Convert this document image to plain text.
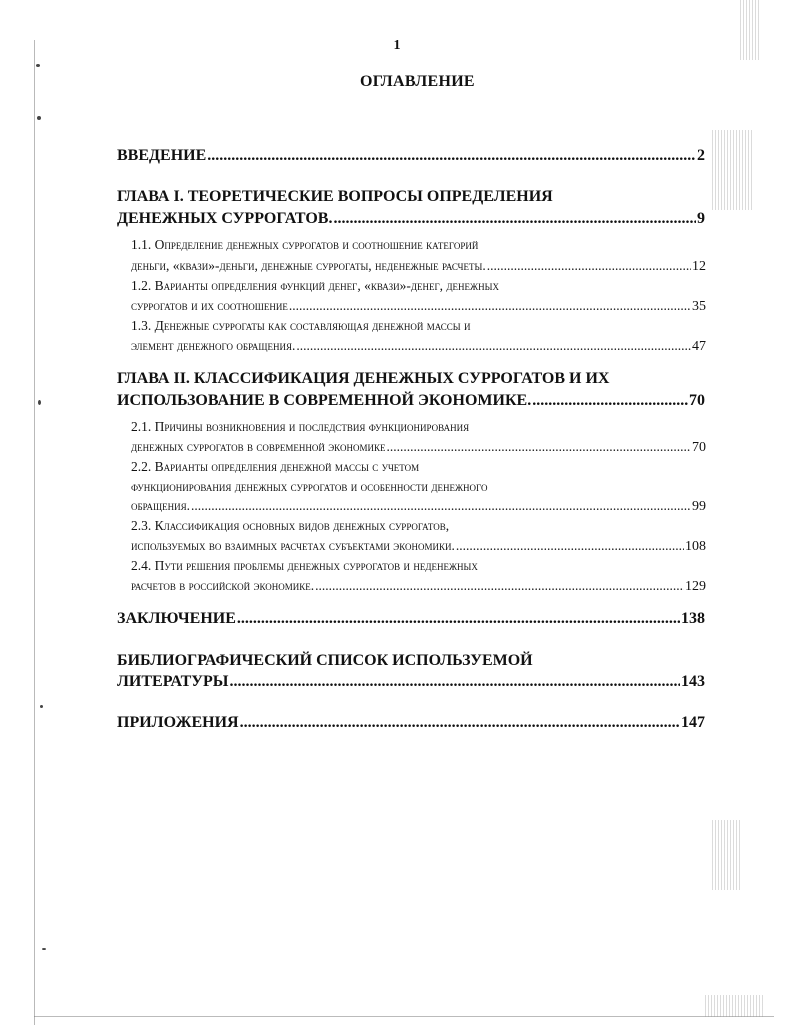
1
ОГЛАВЛЕНИЕ
ВВЕДЕНИЕ .....	2
ГЛАВА I. ТЕОРЕТИЧЕСКИЕ ВОПРОСЫ ОПРЕДЕЛЕНИЯ
ДЕНЕЖНЫХ СУРРОГАТОВ. .....	9
1.1. Определение денежных суррогатов и соотношение категорий
деньги, «квази»-деньги, денежные суррогаты, неденежные расчеты. .....	12
1.2. Варианты определения функций денег, «квази»-денег, денежных
суррогатов и их соотношение .....	35
1.3. Денежные суррогаты как составляющая денежной массы и
элемент денежного обращения. .....	47
ГЛАВА II. КЛАССИФИКАЦИЯ ДЕНЕЖНЫХ СУРРОГАТОВ И ИХ
ИСПОЛЬЗОВАНИЕ В СОВРЕМЕННОЙ ЭКОНОМИКЕ. .....	70
2.1. Причины возникновения и последствия функционирования
денежных суррогатов в современной экономике .....	70
2.2. Варианты определения денежной массы с учетом
функционирования денежных суррогатов и особенности денежного
обращения. .....	99
2.3. Классификация основных видов денежных суррогатов,
используемых во взаимных расчетах субъектами экономики. .....	108
2.4. Пути решения проблемы денежных суррогатов и неденежных
расчетов в российской экономике. .....	129
ЗАКЛЮЧЕНИЕ .....	138
БИБЛИОГРАФИЧЕСКИЙ СПИСОК ИСПОЛЬЗУЕМОЙ
ЛИТЕРАТУРЫ .....	143
ПРИЛОЖЕНИЯ .....	147
